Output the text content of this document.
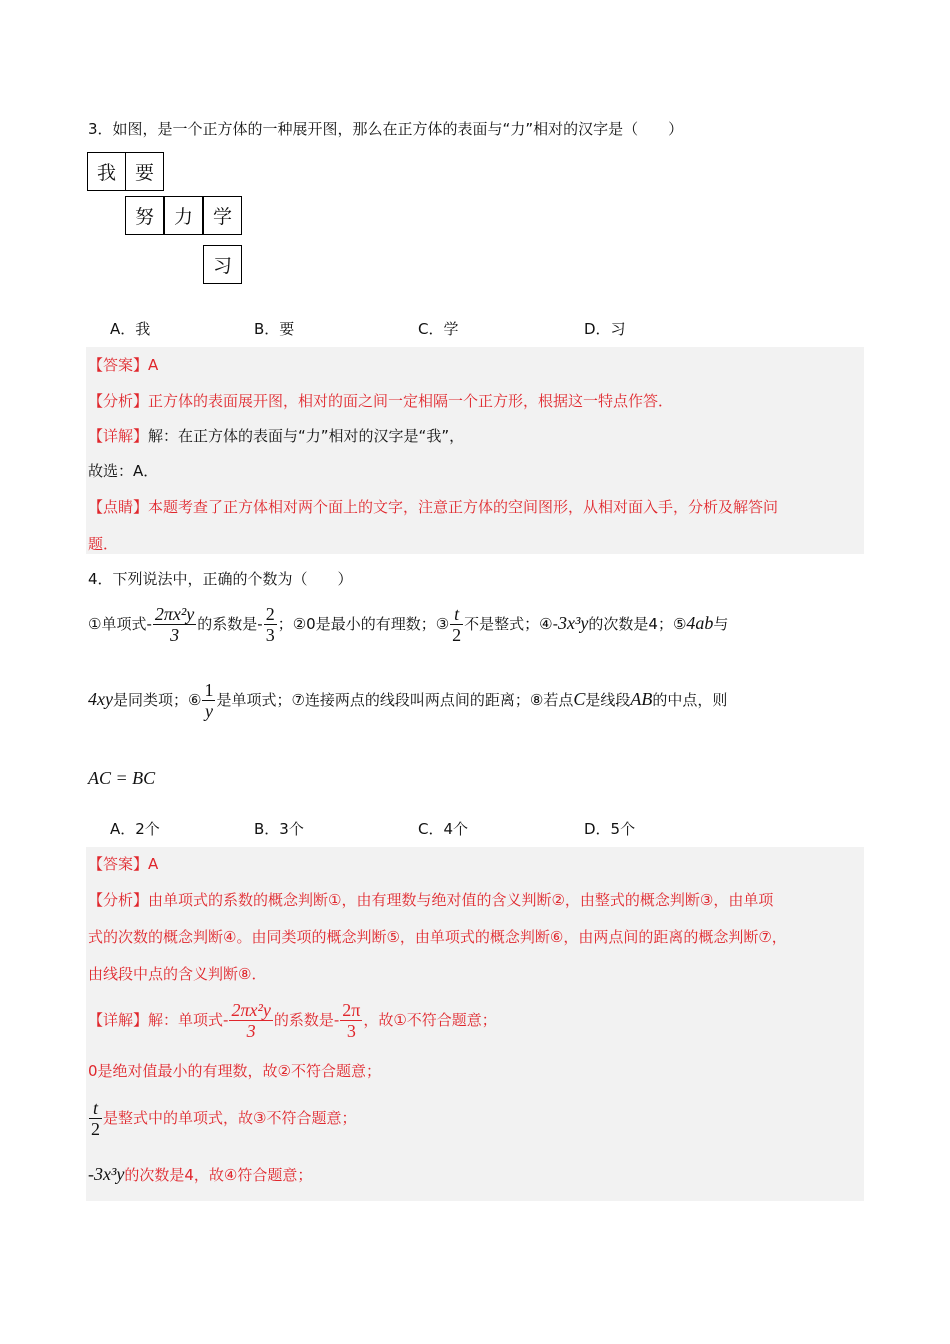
3．如图，是一个正方体的一种展开图，那么在正方体的表面与“力”相对的汉字是（　　）
我 要
努	力	学
习
A．我	B．要	C．学	D．习
【答案】A
【分析】正方体的表面展开图，相对的面之间一定相隔一个正方形，根据这一特点作答．
【详解】解：在正方体的表面与“力”相对的汉字是“我”，
故选：A．
【点睛】本题考查了正方体相对两个面上的文字，注意正方体的空间图形，从相对面入手，分析及解答问
题．
4．下列说法中，正确的个数为（　　）
①单项式- $\frac{\text{2πx²y}}{3}$ 的系数是- $\frac{2}{3}$ ；②0是最小的有理数；③ $\frac{t}{2}$ 不是整式；④-3x³y的次数是4；⑤4ab与
4xy是同类项；⑥ $\frac{1}{y}$ 是单项式；⑦连接两点的线段叫两点间的距离；⑧若点C是线段AB的中点，则
AC = BC
A．2个	B．3个	C．4个	D．5个
【答案】A
【分析】由单项式的系数的概念判断①，由有理数与绝对值的含义判断②，由整式的概念判断③，由单项
式的次数的概念判断④。由同类项的概念判断⑤，由单项式的概念判断⑥，由两点间的距离的概念判断⑦，
由线段中点的含义判断⑧．
【详解】解：单项式- $\frac{\text{2πx²y}}{3}$ 的系数是- $\frac{2\pi}{3}$ ，故①不符合题意；
0是绝对值最小的有理数，故②不符合题意；
$\frac{t}{2}$ 是整式中的单项式，故③不符合题意；
-3x³y的次数是4，故④符合题意；
